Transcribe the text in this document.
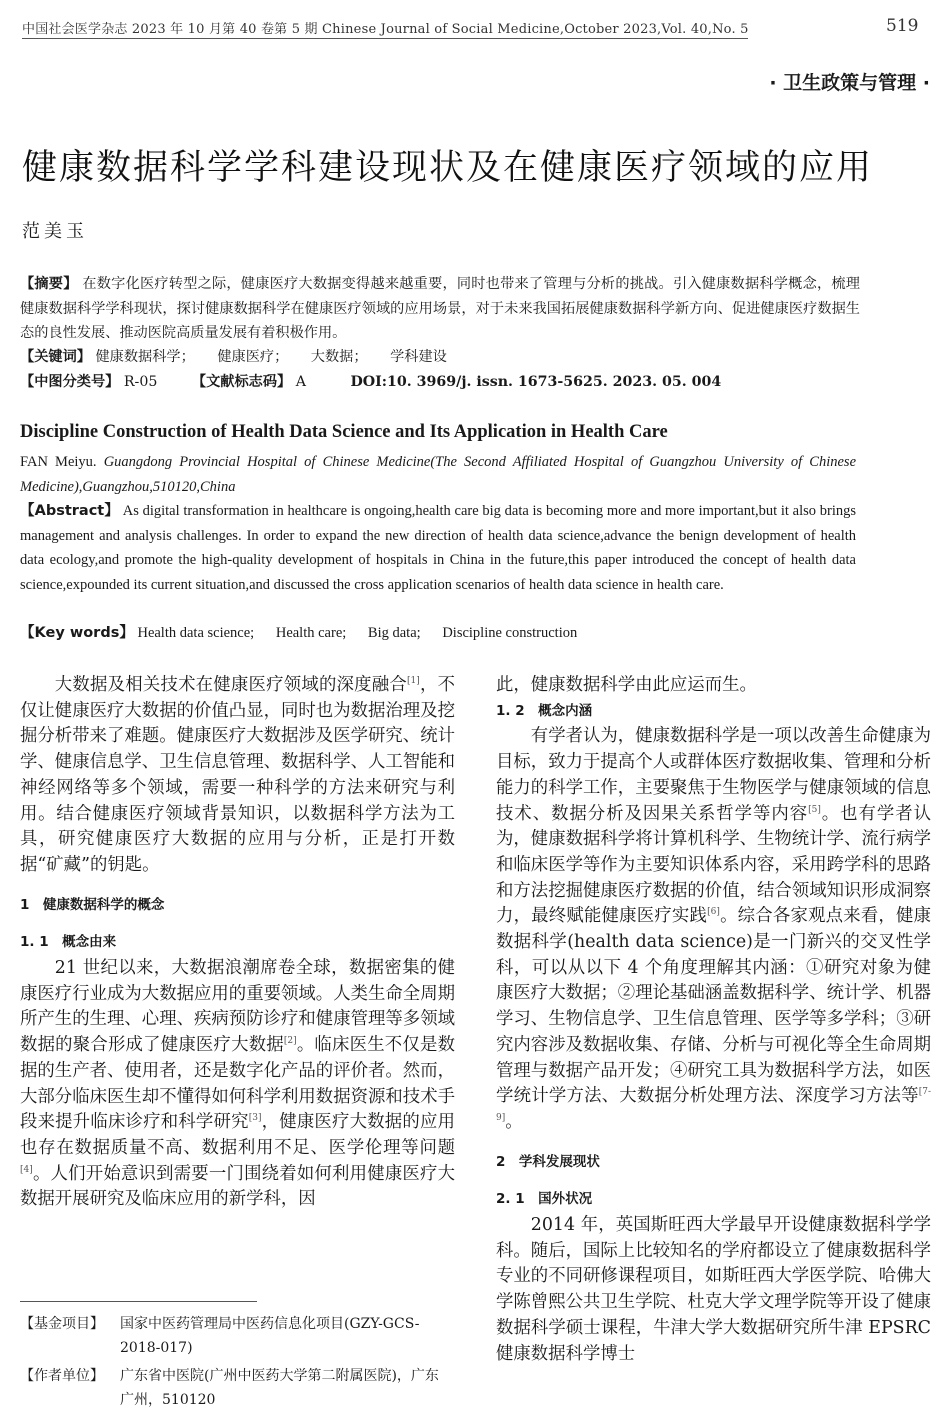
中国社会医学杂志 2023 年 10 月第 40 卷第 5 期 Chinese Journal of Social Medicine,October 2023,Vol. 40,No. 5	519
· 卫生政策与管理 ·
健康数据科学学科建设现状及在健康医疗领域的应用
范美玉
【摘要】 在数字化医疗转型之际，健康医疗大数据变得越来越重要，同时也带来了管理与分析的挑战。引入健康数据科学概念，梳理健康数据科学学科现状，探讨健康数据科学在健康医疗领域的应用场景，对于未来我国拓展健康数据科学新方向、促进健康医疗数据生态的良性发展、推动医院高质量发展有着积极作用。
【关键词】 健康数据科学； 健康医疗； 大数据； 学科建设
【中图分类号】 R-05 【文献标志码】 A	DOI:10. 3969/j. issn. 1673-5625. 2023. 05. 004
Discipline Construction of Health Data Science and Its Application in Health Care
FAN Meiyu. Guangdong Provincial Hospital of Chinese Medicine(The Second Affiliated Hospital of Guangzhou University of Chinese Medicine),Guangzhou,510120,China
【Abstract】 As digital transformation in healthcare is ongoing,health care big data is becoming more and more important,but it also brings management and analysis challenges. In order to expand the new direction of health data science,advance the benign development of health data ecology,and promote the high-quality development of hospitals in China in the future,this paper introduced the concept of health data science,expounded its current situation,and discussed the cross application scenarios of health data science in health care.
【Key words】 Health data science; Health care; Big data; Discipline construction

大数据及相关技术在健康医疗领域的深度融合[1]，不仅让健康医疗大数据的价值凸显，同时也为数据治理及挖掘分析带来了难题。健康医疗大数据涉及医学研究、统计学、健康信息学、卫生信息管理、数据科学、人工智能和神经网络等多个领域，需要一种科学的方法来研究与利用。结合健康医疗领域背景知识，以数据科学方法为工具，研究健康医疗大数据的应用与分析，正是打开数据“矿藏”的钥匙。

1　健康数据科学的概念
1. 1　概念由来

21 世纪以来，大数据浪潮席卷全球，数据密集的健康医疗行业成为大数据应用的重要领域。人类生命全周期所产生的生理、心理、疾病预防诊疗和健康管理等多领域数据的聚合形成了健康医疗大数据[2]。临床医生不仅是数据的生产者、使用者，还是数字化产品的评价者。然而，大部分临床医生却不懂得如何科学利用数据资源和技术手段来提升临床诊疗和科学研究[3]，健康医疗大数据的应用也存在数据质量不高、数据利用不足、医学伦理等问题[4]。人们开始意识到需要一门围绕着如何利用健康医疗大数据开展研究及临床应用的新学科，因

此，健康数据科学由此应运而生。

1. 2　概念内涵

有学者认为，健康数据科学是一项以改善生命健康为目标，致力于提高个人或群体医疗数据收集、管理和分析能力的科学工作，主要聚焦于生物医学与健康领域的信息技术、数据分析及因果关系哲学等内容[5]。也有学者认为，健康数据科学将计算机科学、生物统计学、流行病学和临床医学等作为主要知识体系内容，采用跨学科的思路和方法挖掘健康医疗数据的价值，结合领域知识形成洞察力，最终赋能健康医疗实践[6]。综合各家观点来看，健康数据科学(health data science)是一门新兴的交叉性学科，可以从以下 4 个角度理解其内涵：①研究对象为健康医疗大数据；②理论基础涵盖数据科学、统计学、机器学习、生物信息学、卫生信息管理、医学等多学科；③研究内容涉及数据收集、存储、分析与可视化等全生命周期管理与数据产品开发；④研究工具为数据科学方法，如医学统计学方法、大数据分析处理方法、深度学习方法等[7-9]。

2　学科发展现状
2. 1　国外状况

2014 年，英国斯旺西大学最早开设健康数据科学学科。随后，国际上比较知名的学府都设立了健康数据科学专业的不同研修课程项目，如斯旺西大学医学院、哈佛大学陈曾熙公共卫生学院、杜克大学文理学院等开设了健康数据科学硕士课程，牛津大学大数据研究所牛津 EPSRC 健康数据科学博士

【基金项目】 国家中医药管理局中医药信息化项目(GZY-GCS-2018-017)
【作者单位】 广东省中医院(广州中医药大学第二附属医院)，广东 广州，510120
